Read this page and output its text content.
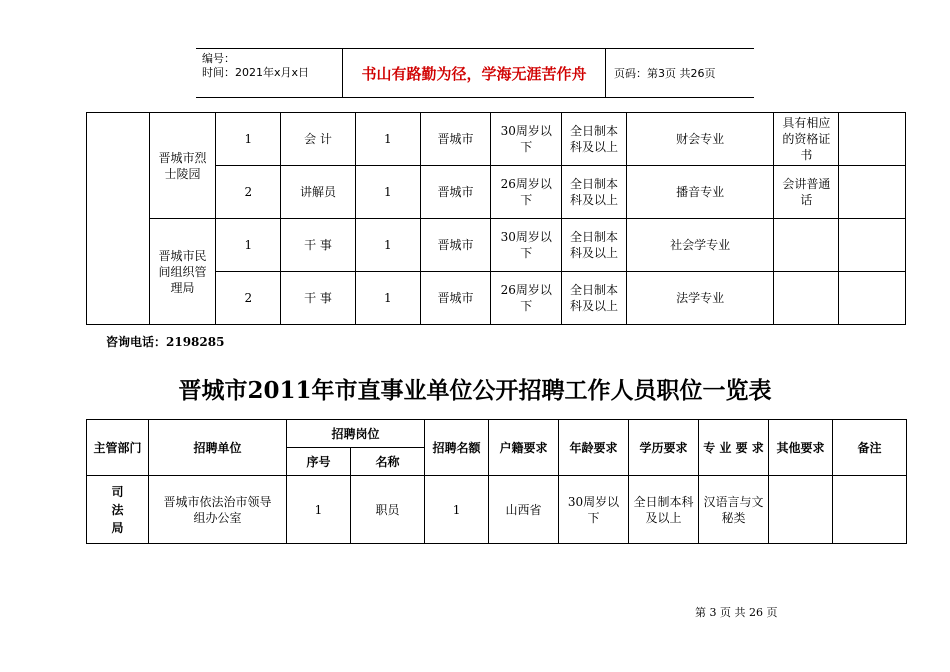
编号：
时间：2021年x月x日	书山有路勤为径，学海无涯苦作舟	页码：第3页 共26页
	晋城市烈士陵园	1	会 计	1	晋城市	30周岁以下	全日制本科及以上	财会专业	具有相应的资格证书	
		2	讲解员	1	晋城市	26周岁以下	全日制本科及以上	播音专业	会讲普通话	
	晋城市民间组织管理局	1	干 事	1	晋城市	30周岁以下	全日制本科及以上	社会学专业		
		2	干 事	1	晋城市	26周岁以下	全日制本科及以上	法学专业		
咨询电话：2198285
晋城市2011年市直事业单位公开招聘工作人员职位一览表
主管部门	招聘单位	招聘岗位		招聘名额	户籍要求	年龄要求	学历要求	专 业 要 求	其他要求	备注
		序号	名称							
司法局	晋城市依法治市领导组办公室	1	职员	1	山西省	30周岁以下	全日制本科及以上	汉语言与文秘类		
第 3 页 共 26 页
